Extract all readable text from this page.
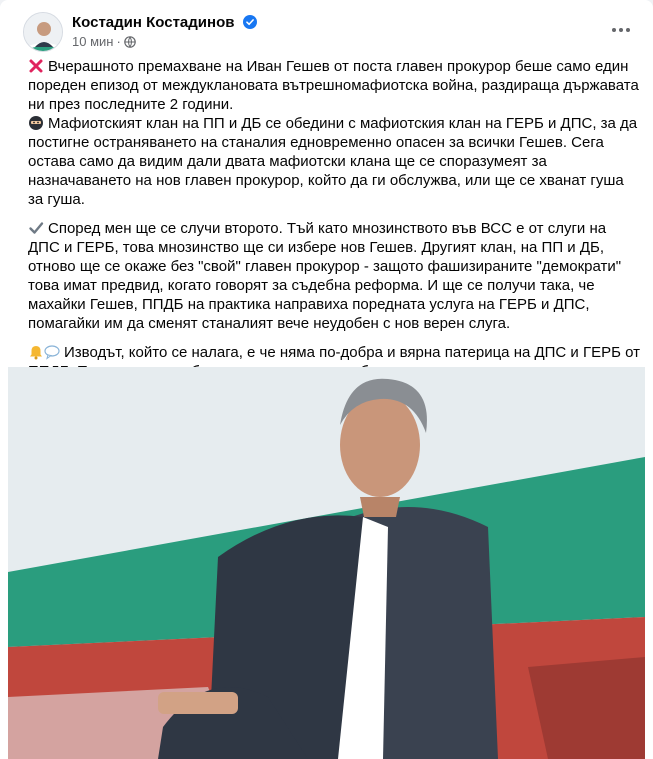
Костадин Костадинов
10 мин ·

Вчерашното премахване на Иван Гешев от поста главен прокурор беше само един пореден епизод от междукланoвата вътрешномафиотска война, раздираща държавата ни през последните 2 години.

Мафиотският клан на ПП и ДБ се обедини с мафиотския клан на ГЕРБ и ДПС, за да постигне остраняването на станалия едновременно опасен за всички Гешев. Сега остава само да видим дали двата мафиотски клана ще се споразумеят за назначаването на нов главен прокурор, който да ги обслужва, или ще се хванат гуша за гуша.

Според мен ще се случи второто. Тъй като мнозинството във ВСС е от слуги на ДПС и ГЕРБ, това мнозинство ще си избере нов Гешев. Другият клан, на ПП и ДБ, отново ще се окаже без "свой" главен прокурор - защото фашизираните "демократи" това имат предвид, когато говорят за съдебна реформа. И ще се получи така, че махайки Гешев, ППДБ на практика направиха поредната услуга на ГЕРБ и ДПС, помагайки им да сменят станалият вече неудобен с нов верен слуга.

Изводът, който се налага, е че няма по-добра и вярна патерица на ДПС и ГЕРБ от
